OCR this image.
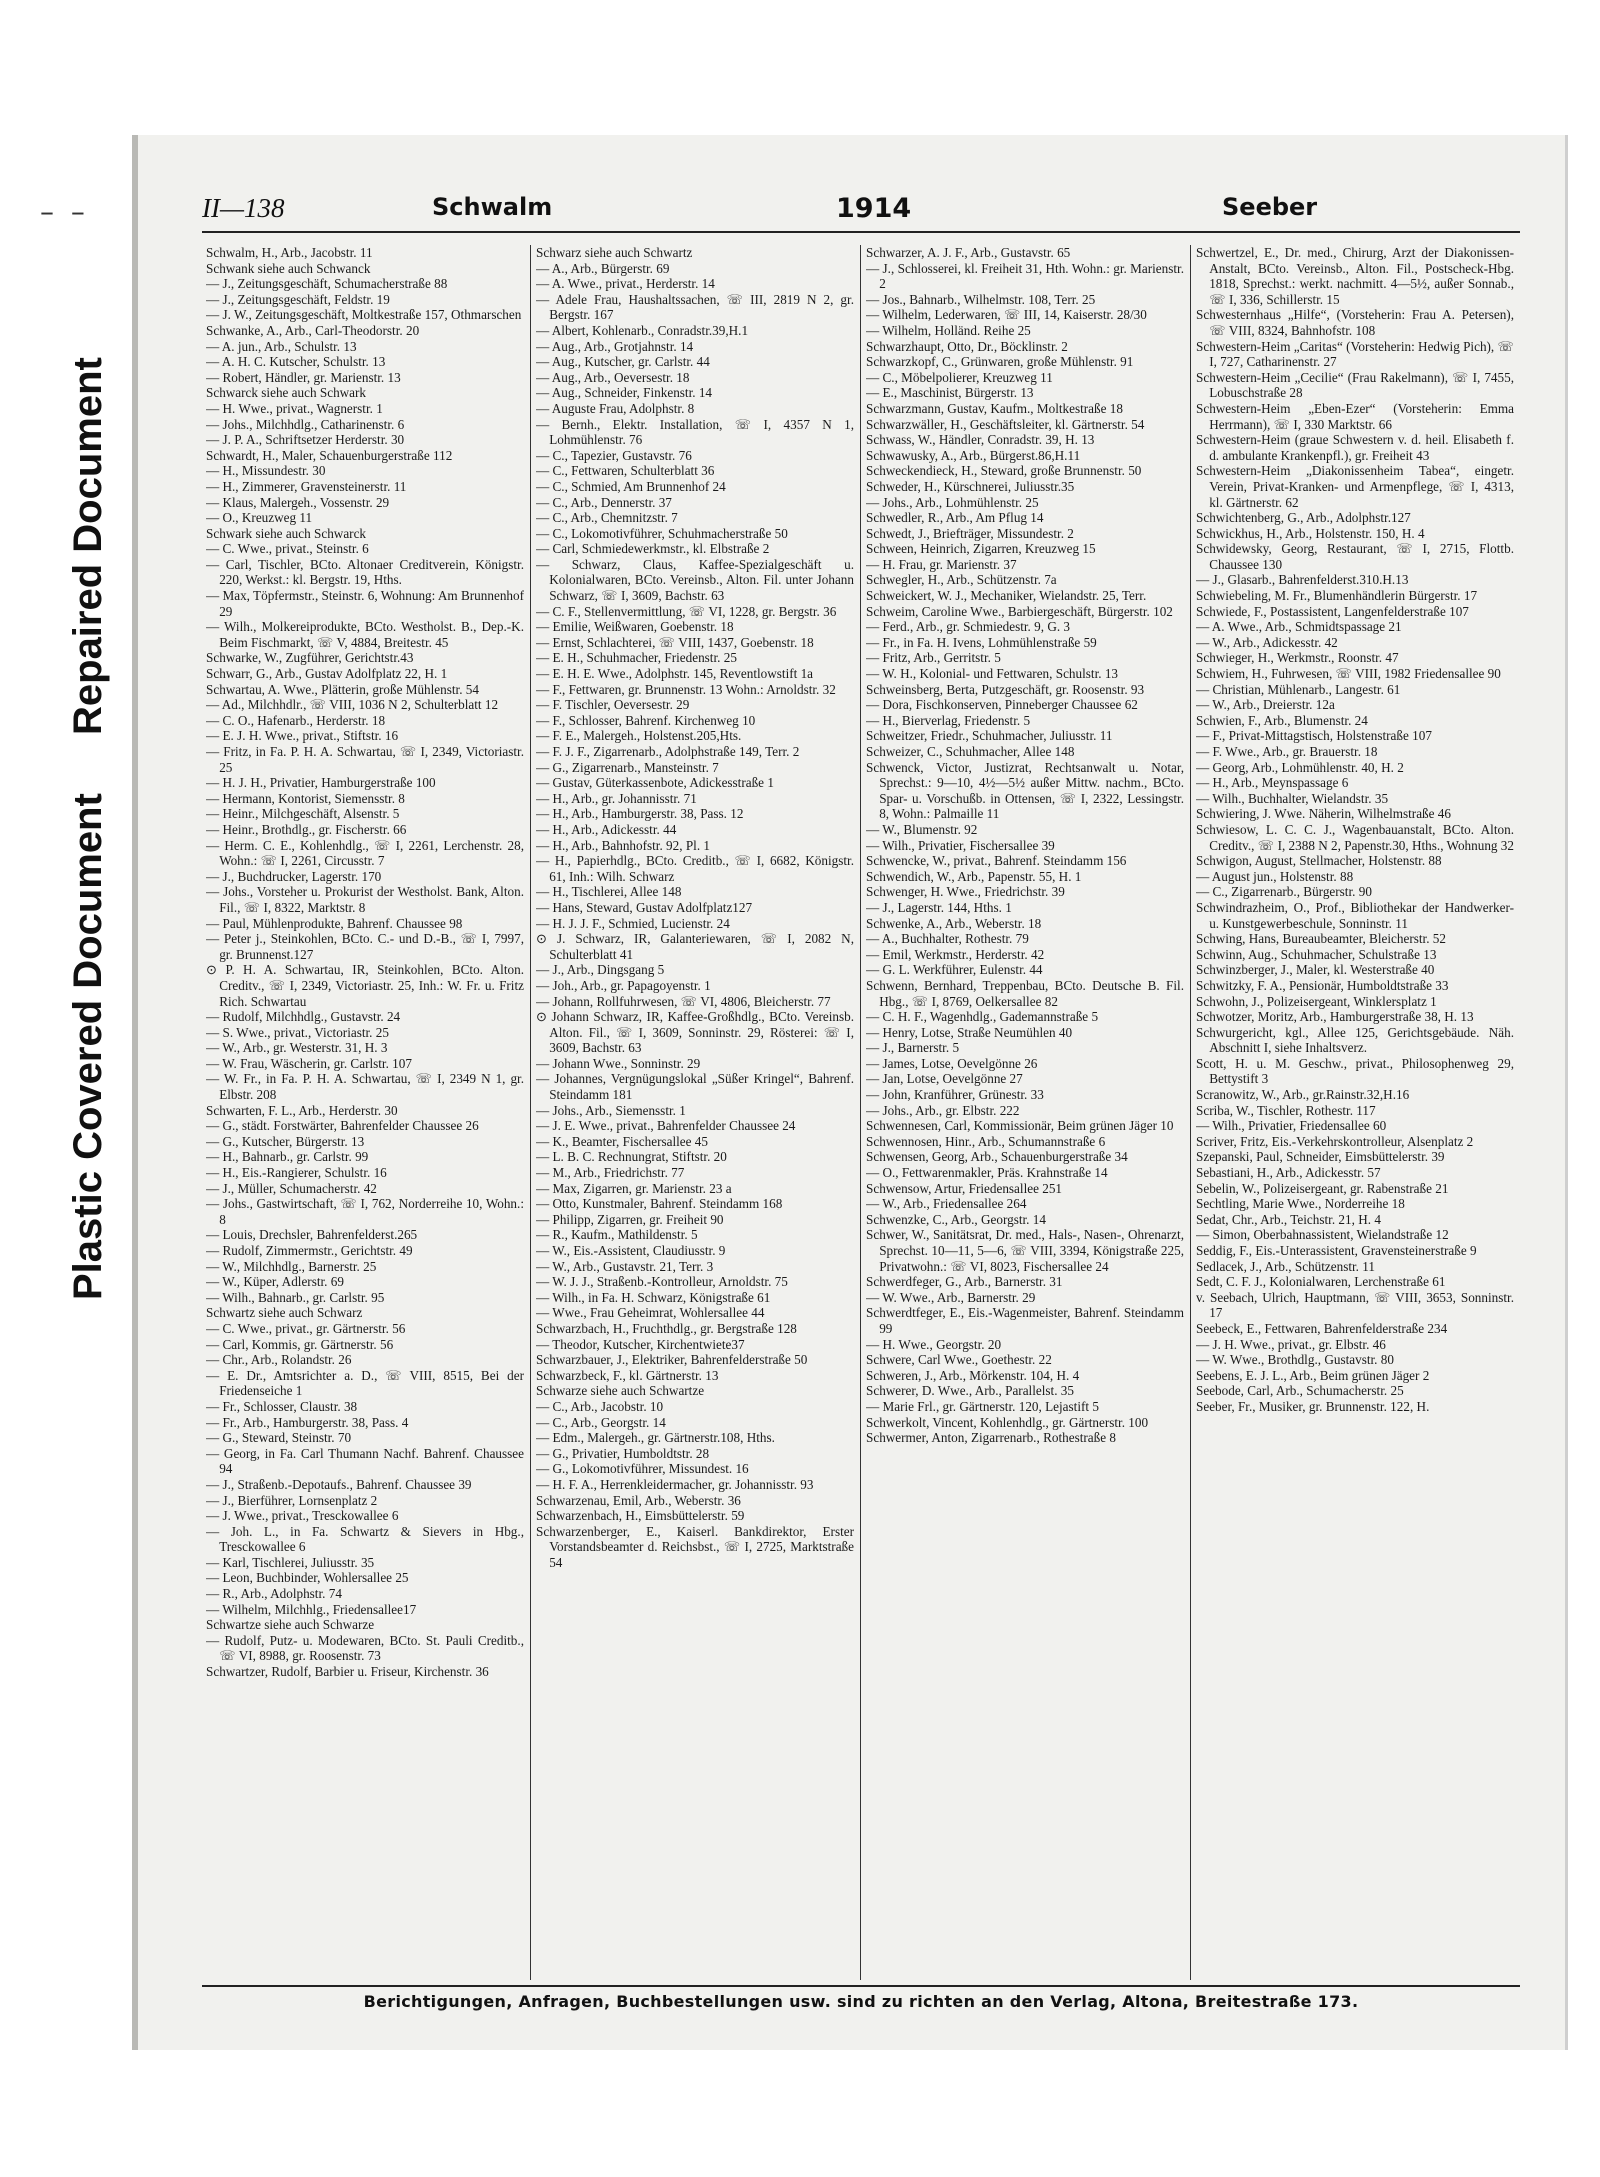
– –
Repaired Document
Plastic Covered Document
II—138	Schwalm	1914	Seeber
Schwalm, H., Arb., Jacobstr. 11
Schwank siehe auch Schwanck
— J., Zeitungsgeschäft, Schumacherstraße 88
— J., Zeitungsgeschäft, Feldstr. 19
— J. W., Zeitungsgeschäft, Moltkestraße 157, Othmarschen
Schwanke, A., Arb., Carl-Theodorstr. 20
— A. jun., Arb., Schulstr. 13
— A. H. C. Kutscher, Schulstr. 13
— Robert, Händler, gr. Marienstr. 13
Schwarck siehe auch Schwark
— H. Wwe., privat., Wagnerstr. 1
— Johs., Milchhdlg., Catharinenstr. 6
— J. P. A., Schriftsetzer Herderstr. 30
Schwardt, H., Maler, Schauenburgerstraße 112
— H., Missundestr. 30
— H., Zimmerer, Gravensteinerstr. 11
— Klaus, Malergeh., Vossenstr. 29
— O., Kreuzweg 11
Schwark siehe auch Schwarck
— C. Wwe., privat., Steinstr. 6
— Carl, Tischler, BCto. Altonaer Creditverein, Königstr. 220, Werkst.: kl. Bergstr. 19, Hths.
— Max, Töpfermstr., Steinstr. 6, Wohnung: Am Brunnenhof 29
— Wilh., Molkereiprodukte, BCto. Westholst. B., Dep.-K. Beim Fischmarkt, ☏ V, 4884, Breitestr. 45
Schwarke, W., Zugführer, Gerichtstr.43
Schwarr, G., Arb., Gustav Adolfplatz 22, H. 1
Schwartau, A. Wwe., Plätterin, große Mühlenstr. 54
— Ad., Milchhdlr., ☏ VIII, 1036 N 2, Schulterblatt 12
— C. O., Hafenarb., Herderstr. 18
— E. J. H. Wwe., privat., Stiftstr. 16
— Fritz, in Fa. P. H. A. Schwartau, ☏ I, 2349, Victoriastr. 25
— H. J. H., Privatier, Hamburgerstraße 100
— Hermann, Kontorist, Siemensstr. 8
— Heinr., Milchgeschäft, Alsenstr. 5
— Heinr., Brothdlg., gr. Fischerstr. 66
— Herm. C. E., Kohlenhdlg., ☏ I, 2261, Lerchenstr. 28, Wohn.: ☏ I, 2261, Circusstr. 7
— J., Buchdrucker, Lagerstr. 170
— Johs., Vorsteher u. Prokurist der Westholst. Bank, Alton. Fil., ☏ I, 8322, Marktstr. 8
— Paul, Mühlenprodukte, Bahrenf. Chaussee 98
— Peter j., Steinkohlen, BCto. C.- und D.-B., ☏ I, 7997, gr. Brunnenst.127
⊙ P. H. A. Schwartau, IR, Steinkohlen, BCto. Alton. Creditv., ☏ I, 2349, Victoriastr. 25, Inh.: W. Fr. u. Fritz Rich. Schwartau
— Rudolf, Milchhdlg., Gustavstr. 24
— S. Wwe., privat., Victoriastr. 25
— W., Arb., gr. Westerstr. 31, H. 3
— W. Frau, Wäscherin, gr. Carlstr. 107
— W. Fr., in Fa. P. H. A. Schwartau, ☏ I, 2349 N 1, gr. Elbstr. 208
Schwarten, F. L., Arb., Herderstr. 30
— G., städt. Forstwärter, Bahrenfelder Chaussee 26
— G., Kutscher, Bürgerstr. 13
— H., Bahnarb., gr. Carlstr. 99
— H., Eis.-Rangierer, Schulstr. 16
— J., Müller, Schumacherstr. 42
— Johs., Gastwirtschaft, ☏ I, 762, Norderreihe 10, Wohn.: 8
— Louis, Drechsler, Bahrenfelderst.265
— Rudolf, Zimmermstr., Gerichtstr. 49
— W., Milchhdlg., Barnerstr. 25
— W., Küper, Adlerstr. 69
— Wilh., Bahnarb., gr. Carlstr. 95
Schwartz siehe auch Schwarz
— C. Wwe., privat., gr. Gärtnerstr. 56
— Carl, Kommis, gr. Gärtnerstr. 56
— Chr., Arb., Rolandstr. 26
— E. Dr., Amtsrichter a. D., ☏ VIII, 8515, Bei der Friedenseiche 1
— Fr., Schlosser, Claustr. 38
— Fr., Arb., Hamburgerstr. 38, Pass. 4
— G., Steward, Steinstr. 70
— Georg, in Fa. Carl Thumann Nachf. Bahrenf. Chaussee 94
— J., Straßenb.-Depotaufs., Bahrenf. Chaussee 39
— J., Bierführer, Lornsenplatz 2
— J. Wwe., privat., Tresckowallee 6
— Joh. L., in Fa. Schwartz & Sievers in Hbg., Tresckowallee 6
— Karl, Tischlerei, Juliusstr. 35
— Leon, Buchbinder, Wohlersallee 25
— R., Arb., Adolphstr. 74
— Wilhelm, Milchhlg., Friedensallee17
Schwartze siehe auch Schwarze
— Rudolf, Putz- u. Modewaren, BCto. St. Pauli Creditb., ☏ VI, 8988, gr. Roosenstr. 73
Schwartzer, Rudolf, Barbier u. Friseur, Kirchenstr. 36
Schwarz siehe auch Schwartz
— A., Arb., Bürgerstr. 69
— A. Wwe., privat., Herderstr. 14
— Adele Frau, Haushaltssachen, ☏ III, 2819 N 2, gr. Bergstr. 167
— Albert, Kohlenarb., Conradstr.39,H.1
— Aug., Arb., Grotjahnstr. 14
— Aug., Kutscher, gr. Carlstr. 44
— Aug., Arb., Oeversestr. 18
— Aug., Schneider, Finkenstr. 14
— Auguste Frau, Adolphstr. 8
— Bernh., Elektr. Installation, ☏ I, 4357 N 1, Lohmühlenstr. 76
— C., Tapezier, Gustavstr. 76
— C., Fettwaren, Schulterblatt 36
— C., Schmied, Am Brunnenhof 24
— C., Arb., Dennerstr. 37
— C., Arb., Chemnitzstr. 7
— C., Lokomotivführer, Schuhmacherstraße 50
— Carl, Schmiedewerkmstr., kl. Elbstraße 2
— Schwarz, Claus, Kaffee-Spezialgeschäft u. Kolonialwaren, BCto. Vereinsb., Alton. Fil. unter Johann Schwarz, ☏ I, 3609, Bachstr. 63
— C. F., Stellenvermittlung, ☏ VI, 1228, gr. Bergstr. 36
— Emilie, Weißwaren, Goebenstr. 18
— Ernst, Schlachterei, ☏ VIII, 1437, Goebenstr. 18
— E. H., Schuhmacher, Friedenstr. 25
— E. H. E. Wwe., Adolphstr. 145, Reventlowstift 1a
— F., Fettwaren, gr. Brunnenstr. 13 Wohn.: Arnoldstr. 32
— F. Tischler, Oeversestr. 29
— F., Schlosser, Bahrenf. Kirchenweg 10
— F. E., Malergeh., Holstenst.205,Hts.
— F. J. F., Zigarrenarb., Adolphstraße 149, Terr. 2
— G., Zigarrenarb., Mansteinstr. 7
— Gustav, Güterkassenbote, Adickesstraße 1
— H., Arb., gr. Johannisstr. 71
— H., Arb., Hamburgerstr. 38, Pass. 12
— H., Arb., Adickesstr. 44
— H., Arb., Bahnhofstr. 92, Pl. 1
— H., Papierhdlg., BCto. Creditb., ☏ I, 6682, Königstr. 61, Inh.: Wilh. Schwarz
— H., Tischlerei, Allee 148
— Hans, Steward, Gustav Adolfplatz127
— H. J. J. F., Schmied, Lucienstr. 24
⊙ J. Schwarz, IR, Galanteriewaren, ☏ I, 2082 N, Schulterblatt 41
— J., Arb., Dingsgang 5
— Joh., Arb., gr. Papagoyenstr. 1
— Johann, Rollfuhrwesen, ☏ VI, 4806, Bleicherstr. 77
⊙ Johann Schwarz, IR, Kaffee-Großhdlg., BCto. Vereinsb. Alton. Fil., ☏ I, 3609, Sonninstr. 29, Rösterei: ☏ I, 3609, Bachstr. 63
— Johann Wwe., Sonninstr. 29
— Johannes, Vergnügungslokal „Süßer Kringel“, Bahrenf. Steindamm 181
— Johs., Arb., Siemensstr. 1
— J. E. Wwe., privat., Bahrenfelder Chaussee 24
— K., Beamter, Fischersallee 45
— L. B. C. Rechnungrat, Stiftstr. 20
— M., Arb., Friedrichstr. 77
— Max, Zigarren, gr. Marienstr. 23 a
— Otto, Kunstmaler, Bahrenf. Steindamm 168
— Philipp, Zigarren, gr. Freiheit 90
— R., Kaufm., Mathildenstr. 5
— W., Eis.-Assistent, Claudiusstr. 9
— W., Arb., Gustavstr. 21, Terr. 3
— W. J. J., Straßenb.-Kontrolleur, Arnoldstr. 75
— Wilh., in Fa. H. Schwarz, Königstraße 61
— Wwe., Frau Geheimrat, Wohlersallee 44
Schwarzbach, H., Fruchthdlg., gr. Bergstraße 128
— Theodor, Kutscher, Kirchentwiete37
Schwarzbauer, J., Elektriker, Bahrenfelderstraße 50
Schwarzbeck, F., kl. Gärtnerstr. 13
Schwarze siehe auch Schwartze
— C., Arb., Jacobstr. 10
— C., Arb., Georgstr. 14
— Edm., Malergeh., gr. Gärtnerstr.108, Hths.
— G., Privatier, Humboldtstr. 28
— G., Lokomotivführer, Missundest. 16
— H. F. A., Herrenkleidermacher, gr. Johannisstr. 93
Schwarzenau, Emil, Arb., Weberstr. 36
Schwarzenbach, H., Eimsbüttelerstr. 59
Schwarzenberger, E., Kaiserl. Bankdirektor, Erster Vorstandsbeamter d. Reichsbst., ☏ I, 2725, Marktstraße 54
Schwarzer, A. J. F., Arb., Gustavstr. 65
— J., Schlosserei, kl. Freiheit 31, Hth. Wohn.: gr. Marienstr. 2
— Jos., Bahnarb., Wilhelmstr. 108, Terr. 25
— Wilhelm, Lederwaren, ☏ III, 14, Kaiserstr. 28/30
— Wilhelm, Holländ. Reihe 25
Schwarzhaupt, Otto, Dr., Böcklinstr. 2
Schwarzkopf, C., Grünwaren, große Mühlenstr. 91
— C., Möbelpolierer, Kreuzweg 11
— E., Maschinist, Bürgerstr. 13
Schwarzmann, Gustav, Kaufm., Moltkestraße 18
Schwarzwäller, H., Geschäftsleiter, kl. Gärtnerstr. 54
Schwass, W., Händler, Conradstr. 39, H. 13
Schwawusky, A., Arb., Bürgerst.86,H.11
Schweckendieck, H., Steward, große Brunnenstr. 50
Schweder, H., Kürschnerei, Juliusstr.35
— Johs., Arb., Lohmühlenstr. 25
Schwedler, R., Arb., Am Pflug 14
Schwedt, J., Briefträger, Missundestr. 2
Schween, Heinrich, Zigarren, Kreuzweg 15
— H. Frau, gr. Marienstr. 37
Schwegler, H., Arb., Schützenstr. 7a
Schweickert, W. J., Mechaniker, Wielandstr. 25, Terr.
Schweim, Caroline Wwe., Barbiergeschäft, Bürgerstr. 102
— Ferd., Arb., gr. Schmiedestr. 9, G. 3
— Fr., in Fa. H. Ivens, Lohmühlenstraße 59
— Fritz, Arb., Gerritstr. 5
— W. H., Kolonial- und Fettwaren, Schulstr. 13
Schweinsberg, Berta, Putzgeschäft, gr. Roosenstr. 93
— Dora, Fischkonserven, Pinneberger Chaussee 62
— H., Bierverlag, Friedenstr. 5
Schweitzer, Friedr., Schuhmacher, Juliusstr. 11
Schweizer, C., Schuhmacher, Allee 148
Schwenck, Victor, Justizrat, Rechtsanwalt u. Notar, Sprechst.: 9—10, 4½—5½ außer Mittw. nachm., BCto. Spar- u. Vorschußb. in Ottensen, ☏ I, 2322, Lessingstr. 8, Wohn.: Palmaille 11
— W., Blumenstr. 92
— Wilh., Privatier, Fischersallee 39
Schwencke, W., privat., Bahrenf. Steindamm 156
Schwendich, W., Arb., Papenstr. 55, H. 1
Schwenger, H. Wwe., Friedrichstr. 39
— J., Lagerstr. 144, Hths. 1
Schwenke, A., Arb., Weberstr. 18
— A., Buchhalter, Rothestr. 79
— Emil, Werkmstr., Herderstr. 42
— G. L. Werkführer, Eulenstr. 44
Schwenn, Bernhard, Treppenbau, BCto. Deutsche B. Fil. Hbg., ☏ I, 8769, Oelkersallee 82
— C. H. F., Wagenhdlg., Gademannstraße 5
— Henry, Lotse, Straße Neumühlen 40
— J., Barnerstr. 5
— James, Lotse, Oevelgönne 26
— Jan, Lotse, Oevelgönne 27
— John, Kranführer, Grünestr. 33
— Johs., Arb., gr. Elbstr. 222
Schwennesen, Carl, Kommissionär, Beim grünen Jäger 10
Schwennosen, Hinr., Arb., Schumannstraße 6
Schwensen, Georg, Arb., Schauenburgerstraße 34
— O., Fettwarenmakler, Präs. Krahnstraße 14
Schwensow, Artur, Friedensallee 251
— W., Arb., Friedensallee 264
Schwenzke, C., Arb., Georgstr. 14
Schwer, W., Sanitätsrat, Dr. med., Hals-, Nasen-, Ohrenarzt, Sprechst. 10—11, 5—6, ☏ VIII, 3394, Königstraße 225, Privatwohn.: ☏ VI, 8023, Fischersallee 24
Schwerdfeger, G., Arb., Barnerstr. 31
— W. Wwe., Arb., Barnerstr. 29
Schwerdtfeger, E., Eis.-Wagenmeister, Bahrenf. Steindamm 99
— H. Wwe., Georgstr. 20
Schwere, Carl Wwe., Goethestr. 22
Schweren, J., Arb., Mörkenstr. 104, H. 4
Schwerer, D. Wwe., Arb., Parallelst. 35
— Marie Frl., gr. Gärtnerstr. 120, Lejastift 5
Schwerkolt, Vincent, Kohlenhdlg., gr. Gärtnerstr. 100
Schwermer, Anton, Zigarrenarb., Rothestraße 8
Schwertzel, E., Dr. med., Chirurg, Arzt der Diakonissen-Anstalt, BCto. Vereinsb., Alton. Fil., Postscheck-Hbg. 1818, Sprechst.: werkt. nachmitt. 4—5½, außer Sonnab., ☏ I, 336, Schillerstr. 15
Schwesternhaus „Hilfe“, (Vorsteherin: Frau A. Petersen), ☏ VIII, 8324, Bahnhofstr. 108
Schwestern-Heim „Caritas“ (Vorsteherin: Hedwig Pich), ☏ I, 727, Catharinenstr. 27
Schwestern-Heim „Cecilie“ (Frau Rakelmann), ☏ I, 7455, Lobuschstraße 28
Schwestern-Heim „Eben-Ezer“ (Vorsteherin: Emma Herrmann), ☏ I, 330 Marktstr. 66
Schwestern-Heim (graue Schwestern v. d. heil. Elisabeth f. d. ambulante Krankenpfl.), gr. Freiheit 43
Schwestern-Heim „Diakonissenheim Tabea“, eingetr. Verein, Privat-Kranken- und Armenpflege, ☏ I, 4313, kl. Gärtnerstr. 62
Schwichtenberg, G., Arb., Adolphstr.127
Schwickhus, H., Arb., Holstenstr. 150, H. 4
Schwidewsky, Georg, Restaurant, ☏ I, 2715, Flottb. Chaussee 130
— J., Glasarb., Bahrenfelderst.310.H.13
Schwiebeling, M. Fr., Blumenhändlerin Bürgerstr. 17
Schwiede, F., Postassistent, Langenfelderstraße 107
— A. Wwe., Arb., Schmidtspassage 21
— W., Arb., Adickesstr. 42
Schwieger, H., Werkmstr., Roonstr. 47
Schwiem, H., Fuhrwesen, ☏ VIII, 1982 Friedensallee 90
— Christian, Mühlenarb., Langestr. 61
— W., Arb., Dreierstr. 12a
Schwien, F., Arb., Blumenstr. 24
— F., Privat-Mittagstisch, Holstenstraße 107
— F. Wwe., Arb., gr. Brauerstr. 18
— Georg, Arb., Lohmühlenstr. 40, H. 2
— H., Arb., Meynspassage 6
— Wilh., Buchhalter, Wielandstr. 35
Schwiering, J. Wwe. Näherin, Wilhelmstraße 46
Schwiesow, L. C. C. J., Wagenbauanstalt, BCto. Alton. Creditv., ☏ I, 2388 N 2, Papenstr.30, Hths., Wohnung 32
Schwigon, August, Stellmacher, Holstenstr. 88
— August jun., Holstenstr. 88
— C., Zigarrenarb., Bürgerstr. 90
Schwindrazheim, O., Prof., Bibliothekar der Handwerker- u. Kunstgewerbeschule, Sonninstr. 11
Schwing, Hans, Bureaubeamter, Bleicherstr. 52
Schwinn, Aug., Schuhmacher, Schulstraße 13
Schwinzberger, J., Maler, kl. Westerstraße 40
Schwitzky, F. A., Pensionär, Humboldtstraße 33
Schwohn, J., Polizeisergeant, Winklersplatz 1
Schwotzer, Moritz, Arb., Hamburgerstraße 38, H. 13
Schwurgericht, kgl., Allee 125, Gerichtsgebäude. Näh. Abschnitt I, siehe Inhaltsverz.
Scott, H. u. M. Geschw., privat., Philosophenweg 29, Bettystift 3
Scranowitz, W., Arb., gr.Rainstr.32,H.16
Scriba, W., Tischler, Rothestr. 117
— Wilh., Privatier, Friedensallee 60
Scriver, Fritz, Eis.-Verkehrskontrolleur, Alsenplatz 2
Szepanski, Paul, Schneider, Eimsbüttelerstr. 39
Sebastiani, H., Arb., Adickesstr. 57
Sebelin, W., Polizeisergeant, gr. Rabenstraße 21
Sechtling, Marie Wwe., Norderreihe 18
Sedat, Chr., Arb., Teichstr. 21, H. 4
— Simon, Oberbahnassistent, Wielandstraße 12
Seddig, F., Eis.-Unterassistent, Gravensteinerstraße 9
Sedlacek, J., Arb., Schützenstr. 11
Sedt, C. F. J., Kolonialwaren, Lerchenstraße 61
v. Seebach, Ulrich, Hauptmann, ☏ VIII, 3653, Sonninstr. 17
Seebeck, E., Fettwaren, Bahrenfelderstraße 234
— J. H. Wwe., privat., gr. Elbstr. 46
— W. Wwe., Brothdlg., Gustavstr. 80
Seebens, E. J. L., Arb., Beim grünen Jäger 2
Seebode, Carl, Arb., Schumacherstr. 25
Seeber, Fr., Musiker, gr. Brunnenstr. 122, H.
Berichtigungen, Anfragen, Buchbestellungen usw. sind zu richten an den Verlag, Altona, Breitestraße 173.
